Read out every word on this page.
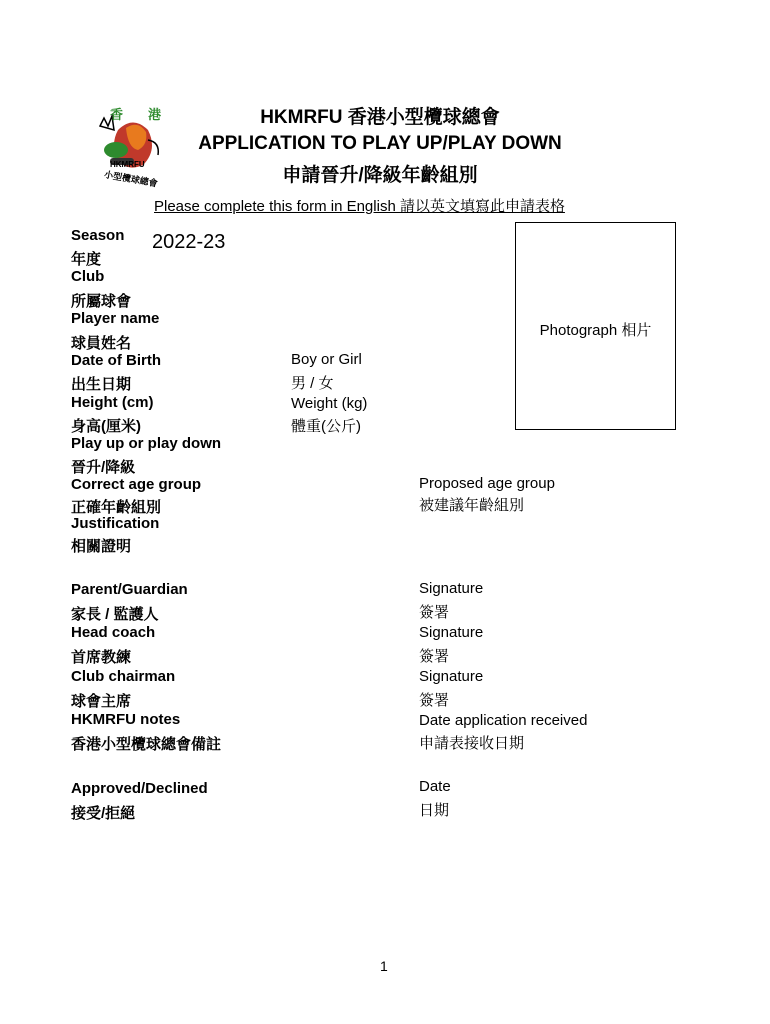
香 港
HKMRFU
小型欖球總會
HKMRFU 香港小型欖球總會
APPLICATION TO PLAY UP/PLAY DOWN
申請晉升/降級年齡組別
Please complete this form in English 請以英文填寫此申請表格
Photograph 相片
2022-23
Season
年度
Club
所屬球會
Player name
球員姓名
Date of Birth
出生日期
Height (cm)
身高(厘米)
Play up or play down
晉升/降級
Correct age group
正確年齡組別
Justification
相關證明
Parent/Guardian
家長 / 監護人
Head coach
首席教練
Club chairman
球會主席
HKMRFU notes
香港小型欖球總會備註
Approved/Declined
接受/拒絕
Boy or Girl
男 / 女
Weight (kg)
體重(公斤)
Proposed age group
被建議年齡組別
Signature
簽署
Signature
簽署
Signature
簽署
Date application received
申請表接收日期
Date
日期
1
